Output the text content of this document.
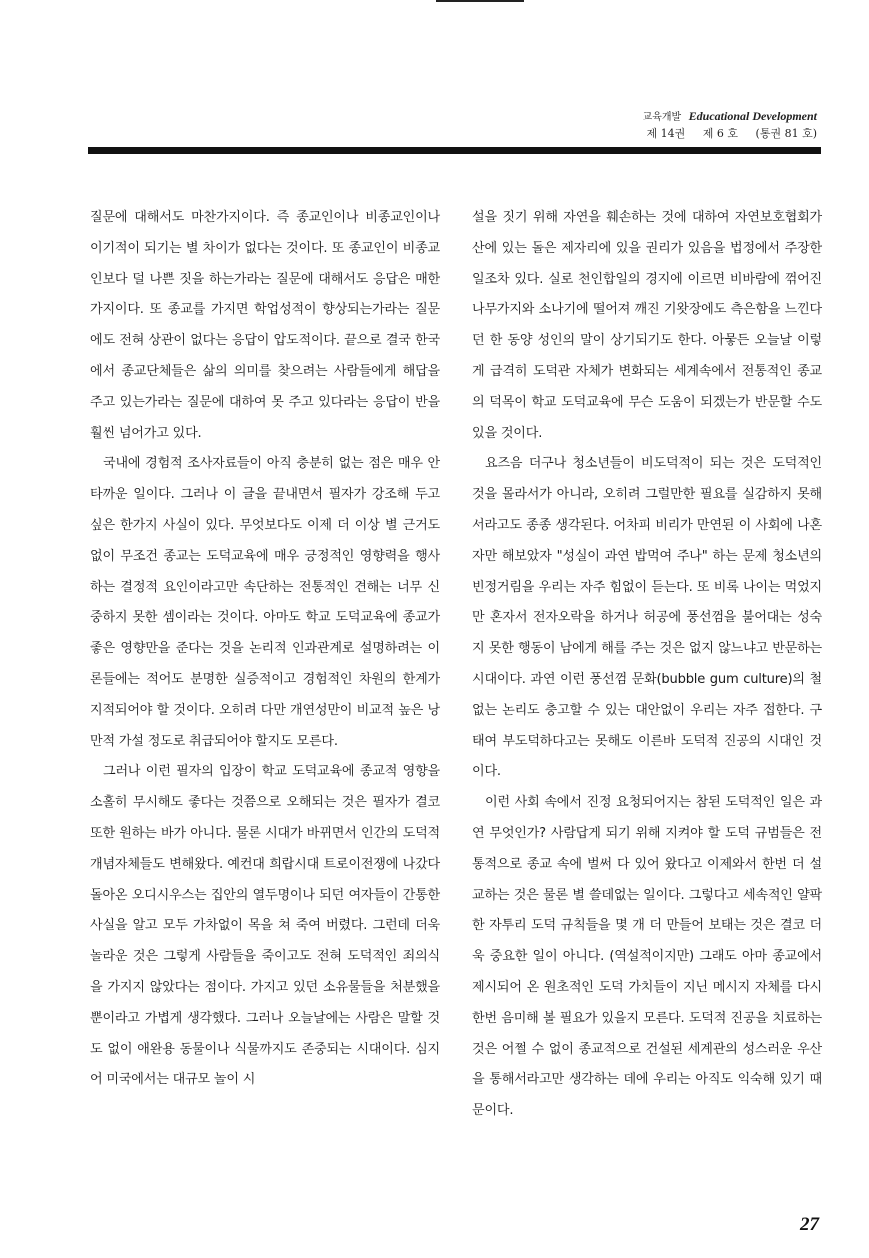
교육개발 Educational Development
제 14권 제 6 호 (통권 81 호)

질문에 대해서도 마찬가지이다. 즉 종교인이나 비종교인이나 이기적이 되기는 별 차이가 없다는 것이다. 또 종교인이 비종교인보다 덜 나쁜 짓을 하는가라는 질문에 대해서도 응답은 매한가지이다. 또 종교를 가지면 학업성적이 향상되는가라는 질문에도 전혀 상관이 없다는 응답이 압도적이다. 끝으로 결국 한국에서 종교단체들은 삶의 의미를 찾으려는 사람들에게 해답을 주고 있는가라는 질문에 대하여 못 주고 있다라는 응답이 반을 훨씬 넘어가고 있다.

국내에 경험적 조사자료들이 아직 충분히 없는 점은 매우 안타까운 일이다. 그러나 이 글을 끝내면서 필자가 강조해 두고 싶은 한가지 사실이 있다. 무엇보다도 이제 더 이상 별 근거도 없이 무조건 종교는 도덕교육에 매우 긍정적인 영향력을 행사하는 결정적 요인이라고만 속단하는 전통적인 견해는 너무 신중하지 못한 셈이라는 것이다. 아마도 학교 도덕교육에 종교가 좋은 영향만을 준다는 것을 논리적 인과관계로 설명하려는 이론들에는 적어도 분명한 실증적이고 경험적인 차원의 한계가 지적되어야 할 것이다. 오히려 다만 개연성만이 비교적 높은 낭만적 가설 정도로 취급되어야 할지도 모른다.

그러나 이런 필자의 입장이 학교 도덕교육에 종교적 영향을 소홀히 무시해도 좋다는 것쯤으로 오해되는 것은 필자가 결코 또한 원하는 바가 아니다. 물론 시대가 바뀌면서 인간의 도덕적 개념자체들도 변해왔다. 예컨대 희랍시대 트로이전쟁에 나갔다 돌아온 오디시우스는 집안의 열두명이나 되던 여자들이 간통한 사실을 알고 모두 가차없이 목을 쳐 죽여 버렸다. 그런데 더욱 놀라운 것은 그렇게 사람들을 죽이고도 전혀 도덕적인 죄의식을 가지지 않았다는 점이다. 가지고 있던 소유물들을 처분했을 뿐이라고 가볍게 생각했다. 그러나 오늘날에는 사람은 말할 것도 없이 애완용 동물이나 식물까지도 존중되는 시대이다. 심지어 미국에서는 대규모 놀이 시

설을 짓기 위해 자연을 훼손하는 것에 대하여 자연보호협회가 산에 있는 돌은 제자리에 있을 권리가 있음을 법정에서 주장한 일조차 있다. 실로 천인합일의 경지에 이르면 비바람에 꺾어진 나무가지와 소나기에 떨어져 깨진 기왓장에도 측은함을 느낀다던 한 동양 성인의 말이 상기되기도 한다. 아뭏든 오늘날 이렇게 급격히 도덕관 자체가 변화되는 세계속에서 전통적인 종교의 덕목이 학교 도덕교육에 무슨 도움이 되겠는가 반문할 수도 있을 것이다.

요즈음 더구나 청소년들이 비도덕적이 되는 것은 도덕적인 것을 몰라서가 아니라, 오히려 그럴만한 필요를 실감하지 못해서라고도 종종 생각된다. 어차피 비리가 만연된 이 사회에 나혼자만 해보았자 "성실이 과연 밥먹여 주나" 하는 문제 청소년의 빈정거림을 우리는 자주 힘없이 듣는다. 또 비록 나이는 먹었지만 혼자서 전자오락을 하거나 허공에 풍선껌을 불어대는 성숙지 못한 행동이 남에게 해를 주는 것은 없지 않느냐고 반문하는 시대이다. 과연 이런 풍선껌 문화(bubble gum culture)의 철없는 논리도 충고할 수 있는 대안없이 우리는 자주 접한다. 구태여 부도덕하다고는 못해도 이른바 도덕적 진공의 시대인 것이다.

이런 사회 속에서 진정 요청되어지는 참된 도덕적인 일은 과연 무엇인가? 사람답게 되기 위해 지켜야 할 도덕 규범들은 전통적으로 종교 속에 벌써 다 있어 왔다고 이제와서 한번 더 설교하는 것은 물론 별 쓸데없는 일이다. 그렇다고 세속적인 얄팍한 자투리 도덕 규칙들을 몇 개 더 만들어 보태는 것은 결코 더욱 중요한 일이 아니다. (역설적이지만) 그래도 아마 종교에서 제시되어 온 원초적인 도덕 가치들이 지닌 메시지 자체를 다시 한번 음미해 볼 필요가 있을지 모른다. 도덕적 진공을 치료하는 것은 어쩔 수 없이 종교적으로 건설된 세계관의 성스러운 우산을 통해서라고만 생각하는 데에 우리는 아직도 익숙해 있기 때문이다.

27
